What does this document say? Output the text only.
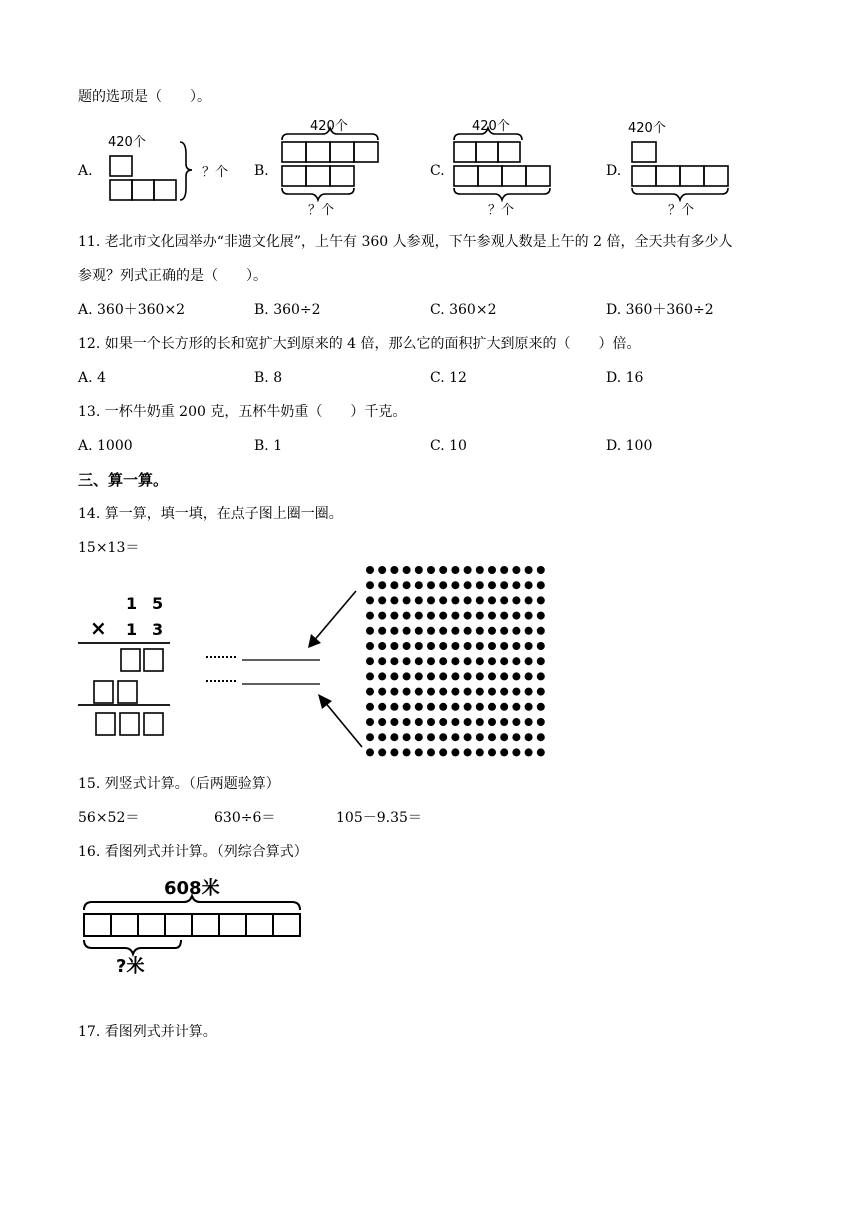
题的选项是（　　）。
A.
420个
？个 B.
420个
？个
C.
420个
？个
D.
420个
？个
11. 老北市文化园举办“非遗文化展”，上午有 360 人参观，下午参观人数是上午的 2 倍，全天共有多少人
参观？列式正确的是（　　）。
A. 360＋360×2	B. 360÷2	C. 360×2	D. 360＋360÷2
12. 如果一个长方形的长和宽扩大到原来的 4 倍，那么它的面积扩大到原来的（　　）倍。
A. 4	B. 8	C. 12	D. 16
13. 一杯牛奶重 200 克，五杯牛奶重（　　）千克。
A. 1000	B. 1	C. 10	D. 100
三、算一算。
14. 算一算，填一填，在点子图上圈一圈。
15×13＝
1 5
× 1 3
15. 列竖式计算。（后两题验算）
56×52＝	630÷6＝	105－9.35＝
16. 看图列式并计算。（列综合算式）
608米
?米
17. 看图列式并计算。
